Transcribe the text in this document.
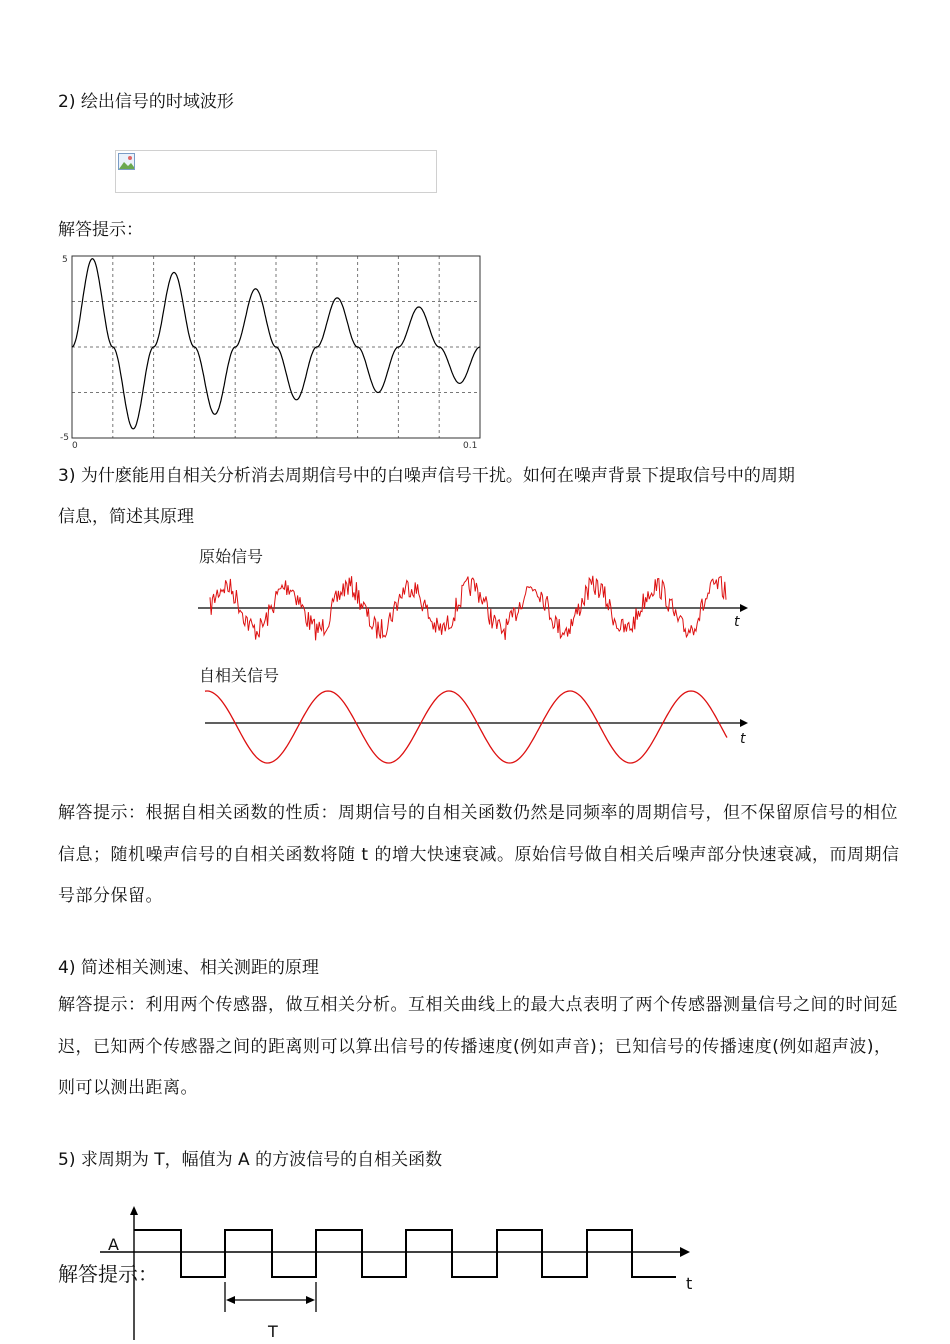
2) 绘出信号的时域波形
解答提示：
5
-5
0	0.1
3) 为什麽能用自相关分析消去周期信号中的白噪声信号干扰。如何在噪声背景下提取信号中的周期
信息，简述其原理
原始信号
t
自相关信号
t
解答提示：根据自相关函数的性质：周期信号的自相关函数仍然是同频率的周期信号，但不保留原信号的相位信息；随机噪声信号的自相关函数将随 t 的增大快速衰减。原始信号做自相关后噪声部分快速衰减，而周期信号部分保留。
4) 简述相关测速、相关测距的原理
解答提示：利用两个传感器，做互相关分析。互相关曲线上的最大点表明了两个传感器测量信号之间的时间延迟，已知两个传感器之间的距离则可以算出信号的传播速度(例如声音)；已知信号的传播速度(例如超声波)，则可以测出距离。
5) 求周期为 T，幅值为 A 的方波信号的自相关函数
A
t
T
解答提示：
